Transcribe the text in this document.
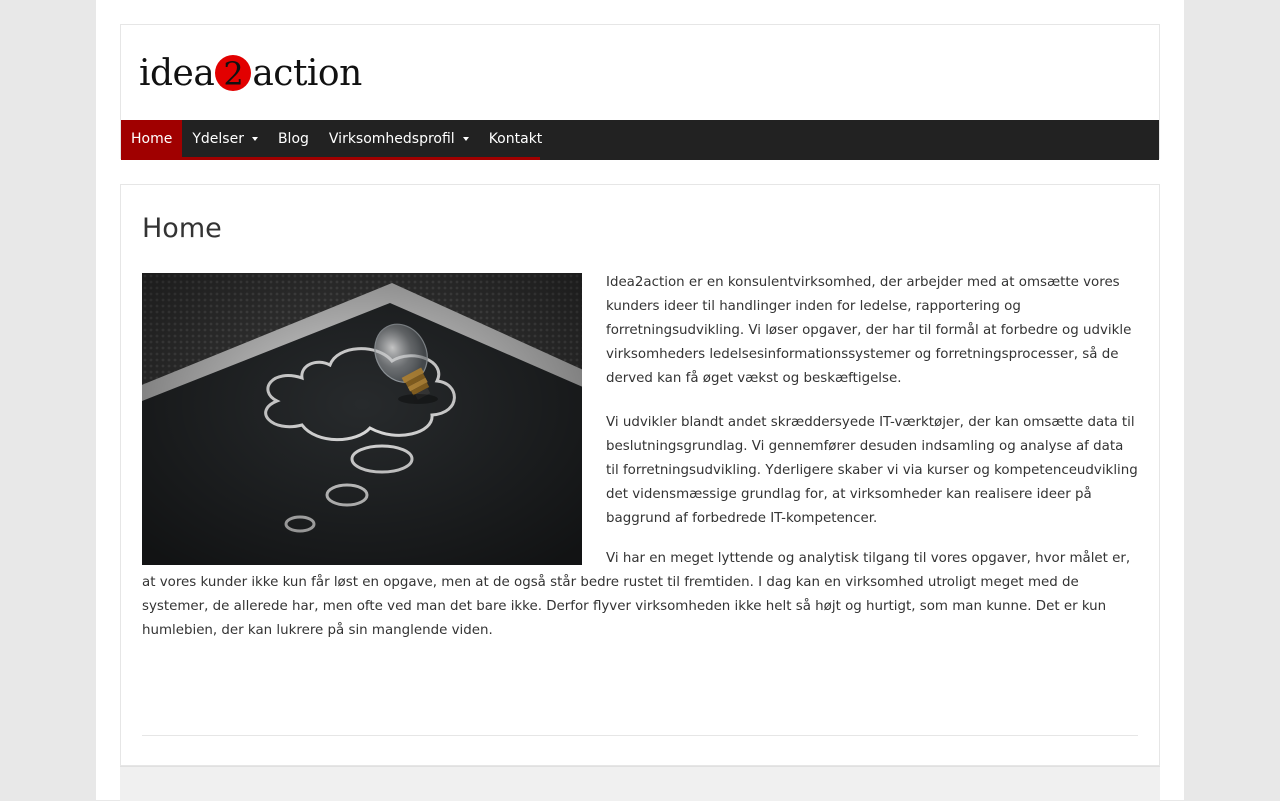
idea 2 action
Home

Idea2action er en konsulentvirksomhed, der arbejder med at omsætte vores kunders ideer til handlinger inden for ledelse, rapportering og forretningsudvikling. Vi løser opgaver, der har til formål at forbedre og udvikle virksomheders ledelsesinformationssystemer og forretningsprocesser, så de derved kan få øget vækst og beskæftigelse.

Vi udvikler blandt andet skræddersyede IT-værktøjer, der kan omsætte data til beslutningsgrundlag. Vi gennemfører desuden indsamling og analyse af data til forretningsudvikling. Yderligere skaber vi via kurser og kompetenceudvikling det vidensmæssige grundlag for, at virksomheder kan realisere ideer på baggrund af forbedrede IT-kompetencer.

Vi har en meget lyttende og analytisk tilgang til vores opgaver, hvor målet er, at vores kunder ikke kun får løst en opgave, men at de også står bedre rustet til fremtiden. I dag kan en virksomhed utroligt meget med de systemer, de allerede har, men ofte ved man det bare ikke. Derfor flyver virksomheden ikke helt så højt og hurtigt, som man kunne. Det er kun humlebien, der kan lukrere på sin manglende viden.

Home Ydelser Blog Virksomhedsprofil Kontakt
